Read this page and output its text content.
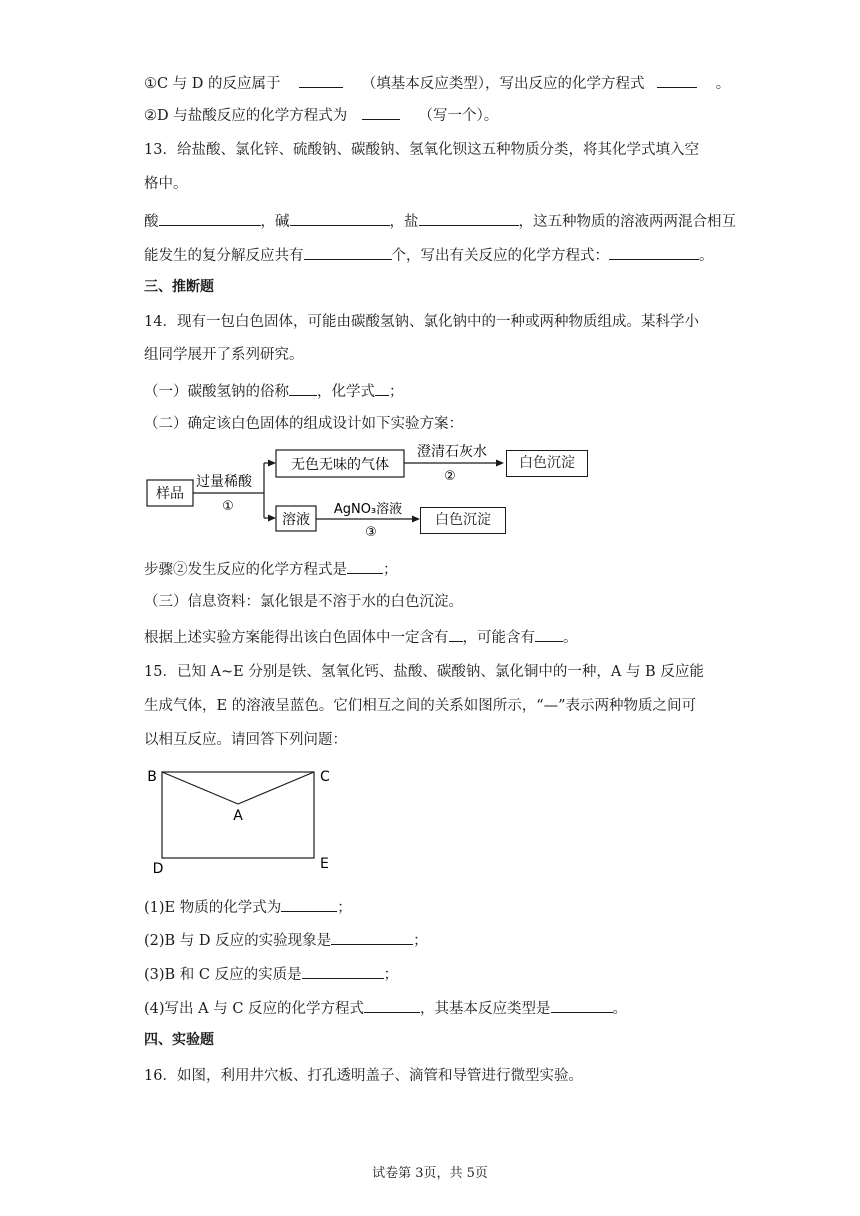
①C 与 D 的反应属于	（填基本反应类型），写出反应的化学方程式	。
②D 与盐酸反应的化学方程式为	（写一个）。
13．给盐酸、氯化锌、硫酸钠、碳酸钠、氢氧化钡这五种物质分类，将其化学式填入空
格中。
酸	，碱	，盐	，这五种物质的溶液两两混合相互
能发生的复分解反应共有	个，写出有关反应的化学方程式：	。
三、推断题
14．现有一包白色固体，可能由碳酸氢钠、氯化钠中的一种或两种物质组成。某科学小
组同学展开了系列研究。
（一）碳酸氢钠的俗称 ，化学式 ；
（二）确定该白色固体的组成设计如下实验方案：
样品
过量稀酸
①
无色无味的气体
澄清石灰水
②
溶液
AgNO₃溶液
③
白色沉淀
白色沉淀
步骤②发生反应的化学方程式是 ；
（三）信息资料：氯化银是不溶于水的白色沉淀。
根据上述实验方案能得出该白色固体中一定含有 ，可能含有 。
15．已知 A~E 分别是铁、氢氧化钙、盐酸、碳酸钠、氯化铜中的一种，A 与 B 反应能
生成气体，E 的溶液呈蓝色。它们相互之间的关系如图所示，“—”表示两种物质之间可
以相互反应。请回答下列问题：
B	C
A
D	E
(1)E 物质的化学式为	；
(2)B 与 D 反应的实验现象是	；
(3)B 和 C 反应的实质是	；
(4)写出 A 与 C 反应的化学方程式	，其基本反应类型是	。
四、实验题
16．如图，利用井穴板、打孔透明盖子、滴管和导管进行微型实验。
试卷第 3页，共 5页
